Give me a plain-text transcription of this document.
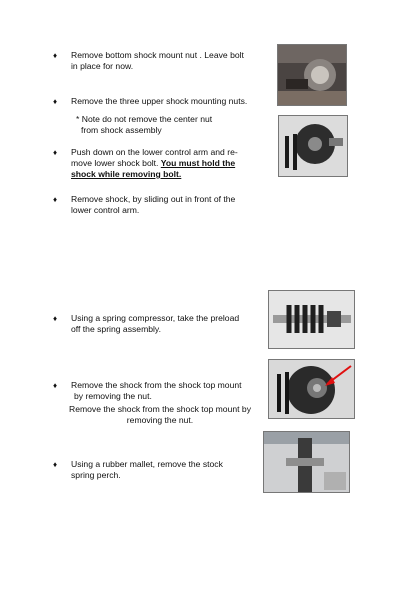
♦ Remove bottom shock mount nut . Leave bolt
in place for now.
♦ Remove the three upper shock mounting nuts.
* Note do not remove the center nut
from shock assembly
♦ Push down on the lower control arm and re-
move lower shock bolt. You must hold the
shock while removing bolt.
♦ Remove shock, by sliding out in front of the
lower control arm.
♦ Using a spring compressor, take the preload
off the spring assembly.
♦ Remove the shock from the shock top mount
by removing the nut.
Remove the shock from the shock top mount by
removing the nut.
♦ Using a rubber mallet, remove the stock
spring perch.
